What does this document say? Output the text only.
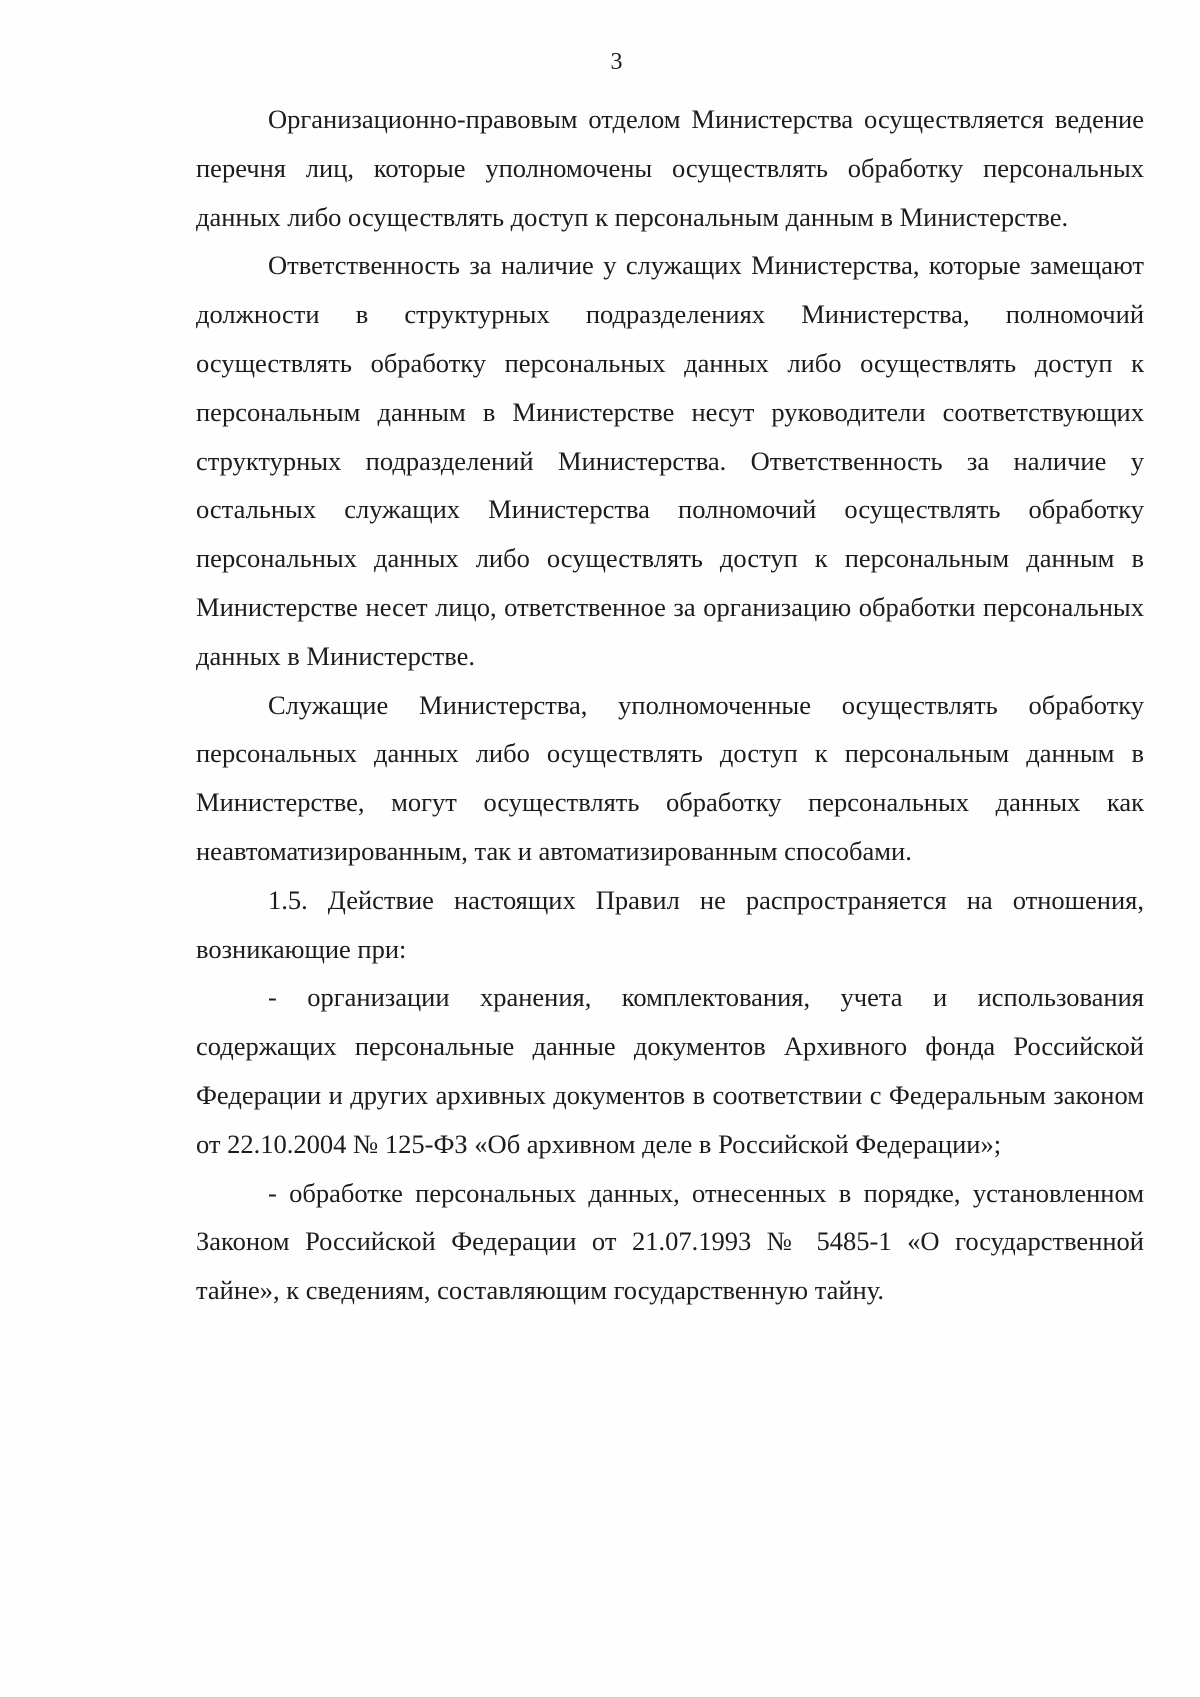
3

Организационно-правовым отделом Министерства осуществляется ведение перечня лиц, которые уполномочены осуществлять обработку персональных данных либо осуществлять доступ к персональным данным в Министерстве.

Ответственность за наличие у служащих Министерства, которые замещают должности в структурных подразделениях Министерства, полномочий осуществлять обработку персональных данных либо осуществлять доступ к персональным данным в Министерстве несут руководители соответствующих структурных подразделений Министерства. Ответственность за наличие у остальных служащих Министерства полномочий осуществлять обработку персональных данных либо осуществлять доступ к персональным данным в Министерстве несет лицо, ответственное за организацию обработки персональных данных в Министерстве.

Служащие Министерства, уполномоченные осуществлять обработку персональных данных либо осуществлять доступ к персональным данным в Министерстве, могут осуществлять обработку персональных данных как неавтоматизированным, так и автоматизированным способами.

1.5. Действие настоящих Правил не распространяется на отношения, возникающие при:

- организации хранения, комплектования, учета и использования содержащих персональные данные документов Архивного фонда Российской Федерации и других архивных документов в соответствии с Федеральным законом от 22.10.2004 № 125-ФЗ «Об архивном деле в Российской Федерации»;

- обработке персональных данных, отнесенных в порядке, установленном Законом Российской Федерации от 21.07.1993 № 5485-1 «О государственной тайне», к сведениям, составляющим государственную тайну.
